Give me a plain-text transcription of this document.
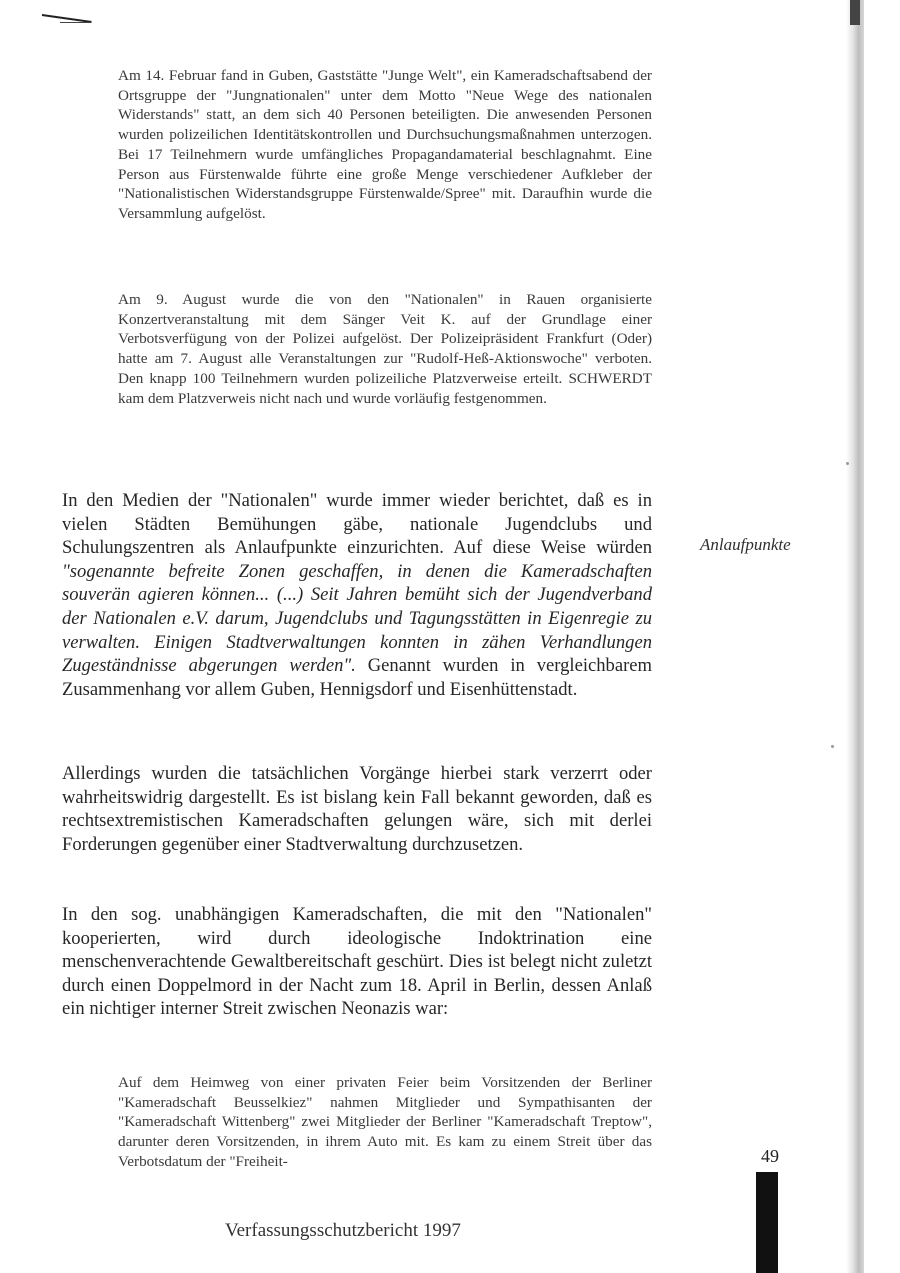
Am 14. Februar fand in Guben, Gaststätte "Junge Welt", ein Kameradschaftsabend der Ortsgruppe der "Jungnationalen" unter dem Motto "Neue Wege des nationalen Widerstands" statt, an dem sich 40 Personen beteiligten. Die anwesenden Personen wurden polizeilichen Identitätskontrollen und Durchsuchungsmaßnahmen unterzogen. Bei 17 Teilnehmern wurde umfängliches Propagandamaterial beschlagnahmt. Eine Person aus Fürstenwalde führte eine große Menge verschiedener Aufkleber der "Nationalistischen Widerstandsgruppe Fürstenwalde/Spree" mit. Daraufhin wurde die Versammlung aufgelöst.

Am 9. August wurde die von den "Nationalen" in Rauen organisierte Konzertveranstaltung mit dem Sänger Veit K. auf der Grundlage einer Verbotsverfügung von der Polizei aufgelöst. Der Polizeipräsident Frankfurt (Oder) hatte am 7. August alle Veranstaltungen zur "Rudolf-Heß-Aktionswoche" verboten. Den knapp 100 Teilnehmern wurden polizeiliche Platzverweise erteilt. SCHWERDT kam dem Platzverweis nicht nach und wurde vorläufig festgenommen.

In den Medien der "Nationalen" wurde immer wieder berichtet, daß es in vielen Städten Bemühungen gäbe, nationale Jugendclubs und Schulungszentren als Anlaufpunkte einzurichten. Auf diese Weise würden "sogenannte befreite Zonen geschaffen, in denen die Kameradschaften souverän agieren können... (...) Seit Jahren bemüht sich der Jugendverband der Nationalen e.V. darum, Jugendclubs und Tagungsstätten in Eigenregie zu verwalten. Einigen Stadtverwaltungen konnten in zähen Verhandlungen Zugeständnisse abgerungen werden". Genannt wurden in vergleichbarem Zusammenhang vor allem Guben, Hennigsdorf und Eisenhüttenstadt.

Allerdings wurden die tatsächlichen Vorgänge hierbei stark verzerrt oder wahrheitswidrig dargestellt. Es ist bislang kein Fall bekannt geworden, daß es rechtsextremistischen Kameradschaften gelungen wäre, sich mit derlei Forderungen gegenüber einer Stadtverwaltung durchzusetzen.

In den sog. unabhängigen Kameradschaften, die mit den "Nationalen" kooperierten, wird durch ideologische Indoktrination eine menschenverachtende Gewaltbereitschaft geschürt. Dies ist belegt nicht zuletzt durch einen Doppelmord in der Nacht zum 18. April in Berlin, dessen Anlaß ein nichtiger interner Streit zwischen Neonazis war:

Auf dem Heimweg von einer privaten Feier beim Vorsitzenden der Berliner "Kameradschaft Beusselkiez" nahmen Mitglieder und Sympathisanten der "Kameradschaft Wittenberg" zwei Mitglieder der Berliner "Kameradschaft Treptow", darunter deren Vorsitzenden, in ihrem Auto mit. Es kam zu einem Streit über das Verbotsdatum der "Freiheit-

Anlaufpunkte
49
Verfassungsschutzbericht 1997
